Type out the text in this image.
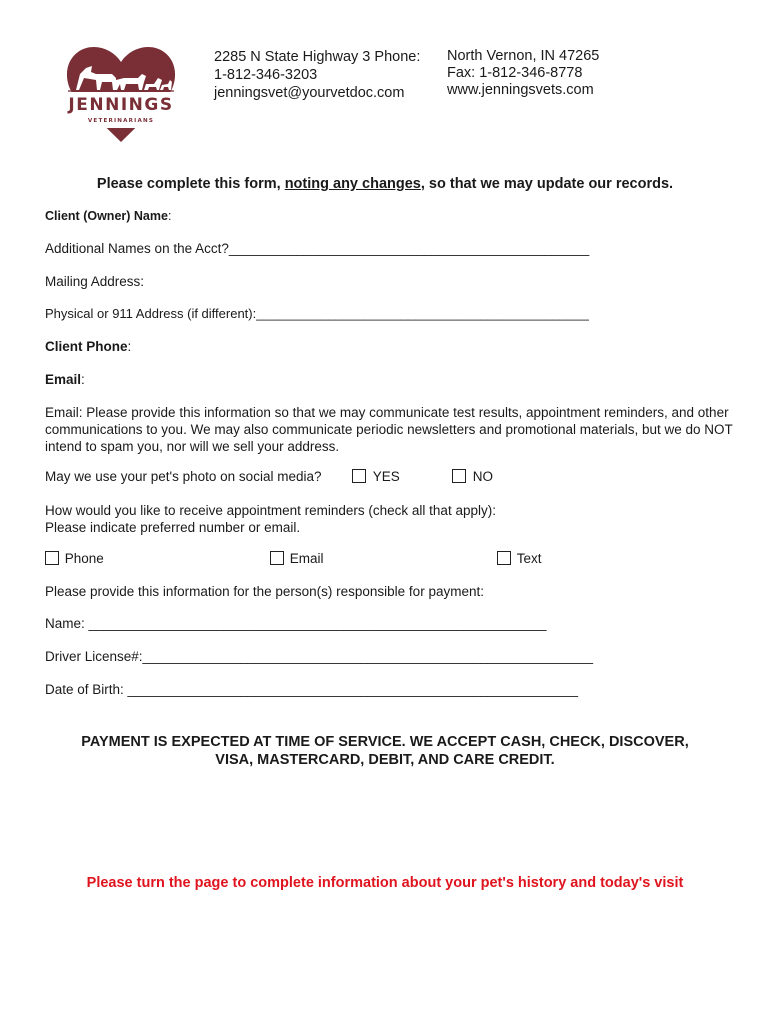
JENNINGS
VETERINARIANS
2285 N State Highway 3 Phone:
1-812-346-3203
jenningsvet@yourvetdoc.com
North Vernon, IN 47265
Fax: 1-812-346-8778
www.jenningsvets.com
Please complete this form, noting any changes, so that we may update our records.
Client (Owner) Name:
Additional Names on the Acct?________________________________________________
Mailing Address:
Physical or 911 Address (if different):______________________________________________
Client Phone:
Email:
Email: Please provide this information so that we may communicate test results, appointment reminders, and other communications to you. We may also communicate periodic newsletters and promotional materials, but we do NOT intend to spam you, nor will we sell your address.
May we use your pet's photo on social media?	YES	NO
How would you like to receive appointment reminders (check all that apply):
Please indicate preferred number or email.
Phone	Email	Text
Please provide this information for the person(s) responsible for payment:
Name: _____________________________________________________________
Driver License#:____________________________________________________________
Date of Birth: ____________________________________________________________
PAYMENT IS EXPECTED AT TIME OF SERVICE. WE ACCEPT CASH, CHECK, DISCOVER,
VISA, MASTERCARD, DEBIT, AND CARE CREDIT.
Please turn the page to complete information about your pet's history and today's visit
